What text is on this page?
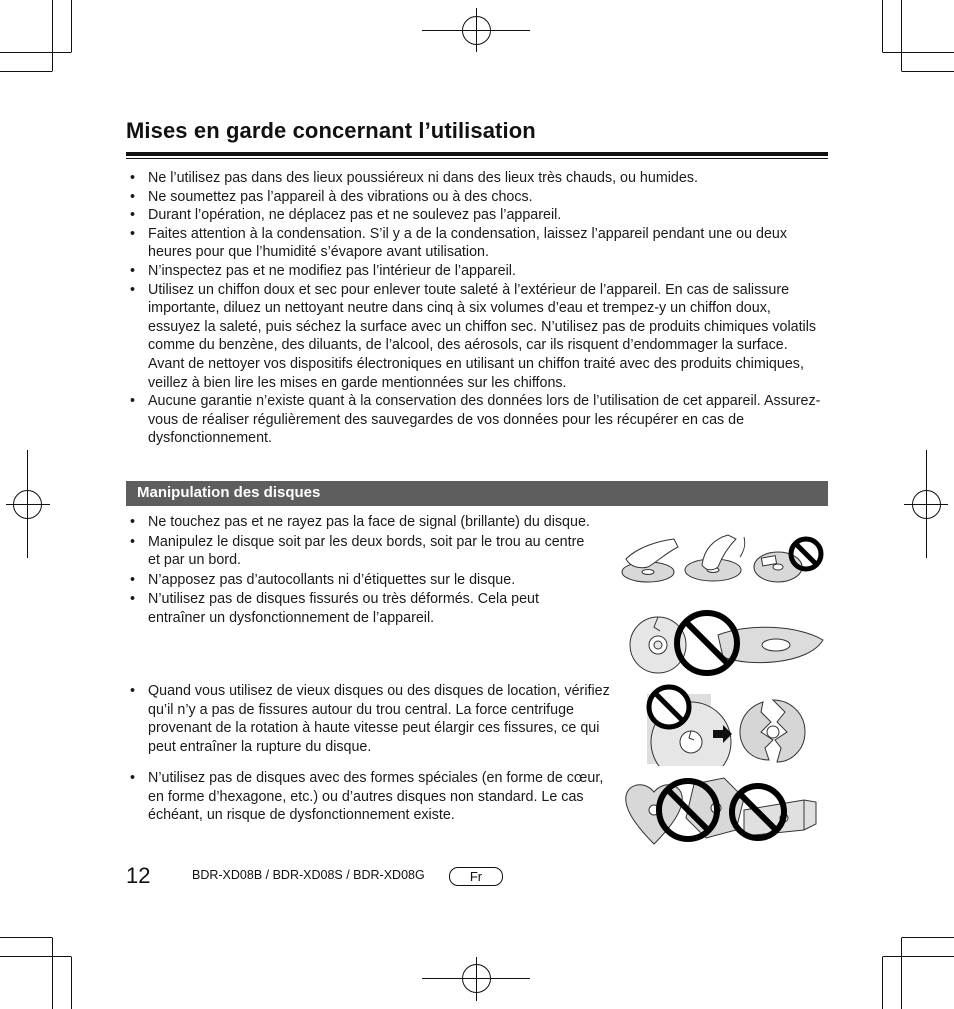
Mises en garde concernant l’utilisation
• Ne l’utilisez pas dans des lieux poussiéreux ni dans des lieux très chauds, ou humides.
• Ne soumettez pas l’appareil à des vibrations ou à des chocs.
• Durant l’opération, ne déplacez pas et ne soulevez pas l’appareil.
• Faites attention à la condensation. S’il y a de la condensation, laissez l’appareil pendant une ou deux heures pour que l’humidité s’évapore avant utilisation.
• N’inspectez pas et ne modifiez pas l’intérieur de l’appareil.
• Utilisez un chiffon doux et sec pour enlever toute saleté à l’extérieur de l’appareil. En cas de salissure importante, diluez un nettoyant neutre dans cinq à six volumes d’eau et trempez-y un chiffon doux, essuyez la saleté, puis séchez la surface avec un chiffon sec. N’utilisez pas de produits chimiques volatils comme du benzène, des diluants, de l’alcool, des aérosols, car ils risquent d’endommager la surface. Avant de nettoyer vos dispositifs électroniques en utilisant un chiffon traité avec des produits chimiques, veillez à bien lire les mises en garde mentionnées sur les chiffons.
• Aucune garantie n’existe quant à la conservation des données lors de l’utilisation de cet appareil. Assurez-vous de réaliser régulièrement des sauvegardes de vos données pour les récupérer en cas de dysfonctionnement.
Manipulation des disques
• Ne touchez pas et ne rayez pas la face de signal (brillante) du disque.
• Manipulez le disque soit par les deux bords, soit par le trou au centre et par un bord.
• N’apposez pas d’autocollants ni d’étiquettes sur le disque.
• N’utilisez pas de disques fissurés ou très déformés. Cela peut entraîner un dysfonctionnement de l’appareil.
• Quand vous utilisez de vieux disques ou des disques de location, vérifiez qu’il n’y a pas de fissures autour du trou central. La force centrifuge provenant de la rotation à haute vitesse peut élargir ces fissures, ce qui peut entraîner la rupture du disque.
• N’utilisez pas de disques avec des formes spéciales (en forme de cœur, en forme d’hexagone, etc.) ou d’autres disques non standard. Le cas échéant, un risque de dysfonctionnement existe.
12	BDR-XD08B / BDR-XD08S / BDR-XD08G	Fr
